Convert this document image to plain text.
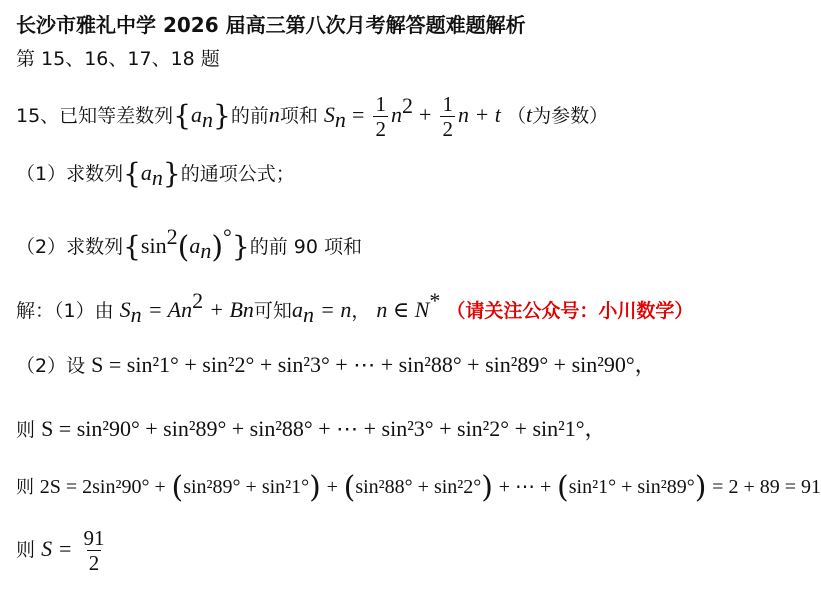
长沙市雅礼中学 2026 届高三第八次月考解答题难题解析
第 15、16、17、18 题
15、已知等差数列$\{a_n\}$的前n项和 $S_n = \frac{1}{2} n^2 + \frac{1}{2}$ n + t （t为参数）
（1）求数列$\{a_n\}$的通项公式；
（2）求数列$\{\sin^2(a_n)^\circ\}$的前 90 项和
解：（1）由 $S_n = An^2 + Bn$可知$a_n = n$， n ∈ N* （请关注公众号：小川数学）
（2）设 S = sin²1° + sin²2° + sin²3° + ⋯ + sin²88° + sin²89° + sin²90°，
则 S = sin²90° + sin²89° + sin²88° + ⋯ + sin²3° + sin²2° + sin²1°，
则 2S = 2sin²90° + (sin²89° + sin²1°) + (sin²88° + sin²2°) + ⋯ + (sin²1° + sin²89°) = 2 + 89 = 91
则 $S = \frac{91}{2}$
